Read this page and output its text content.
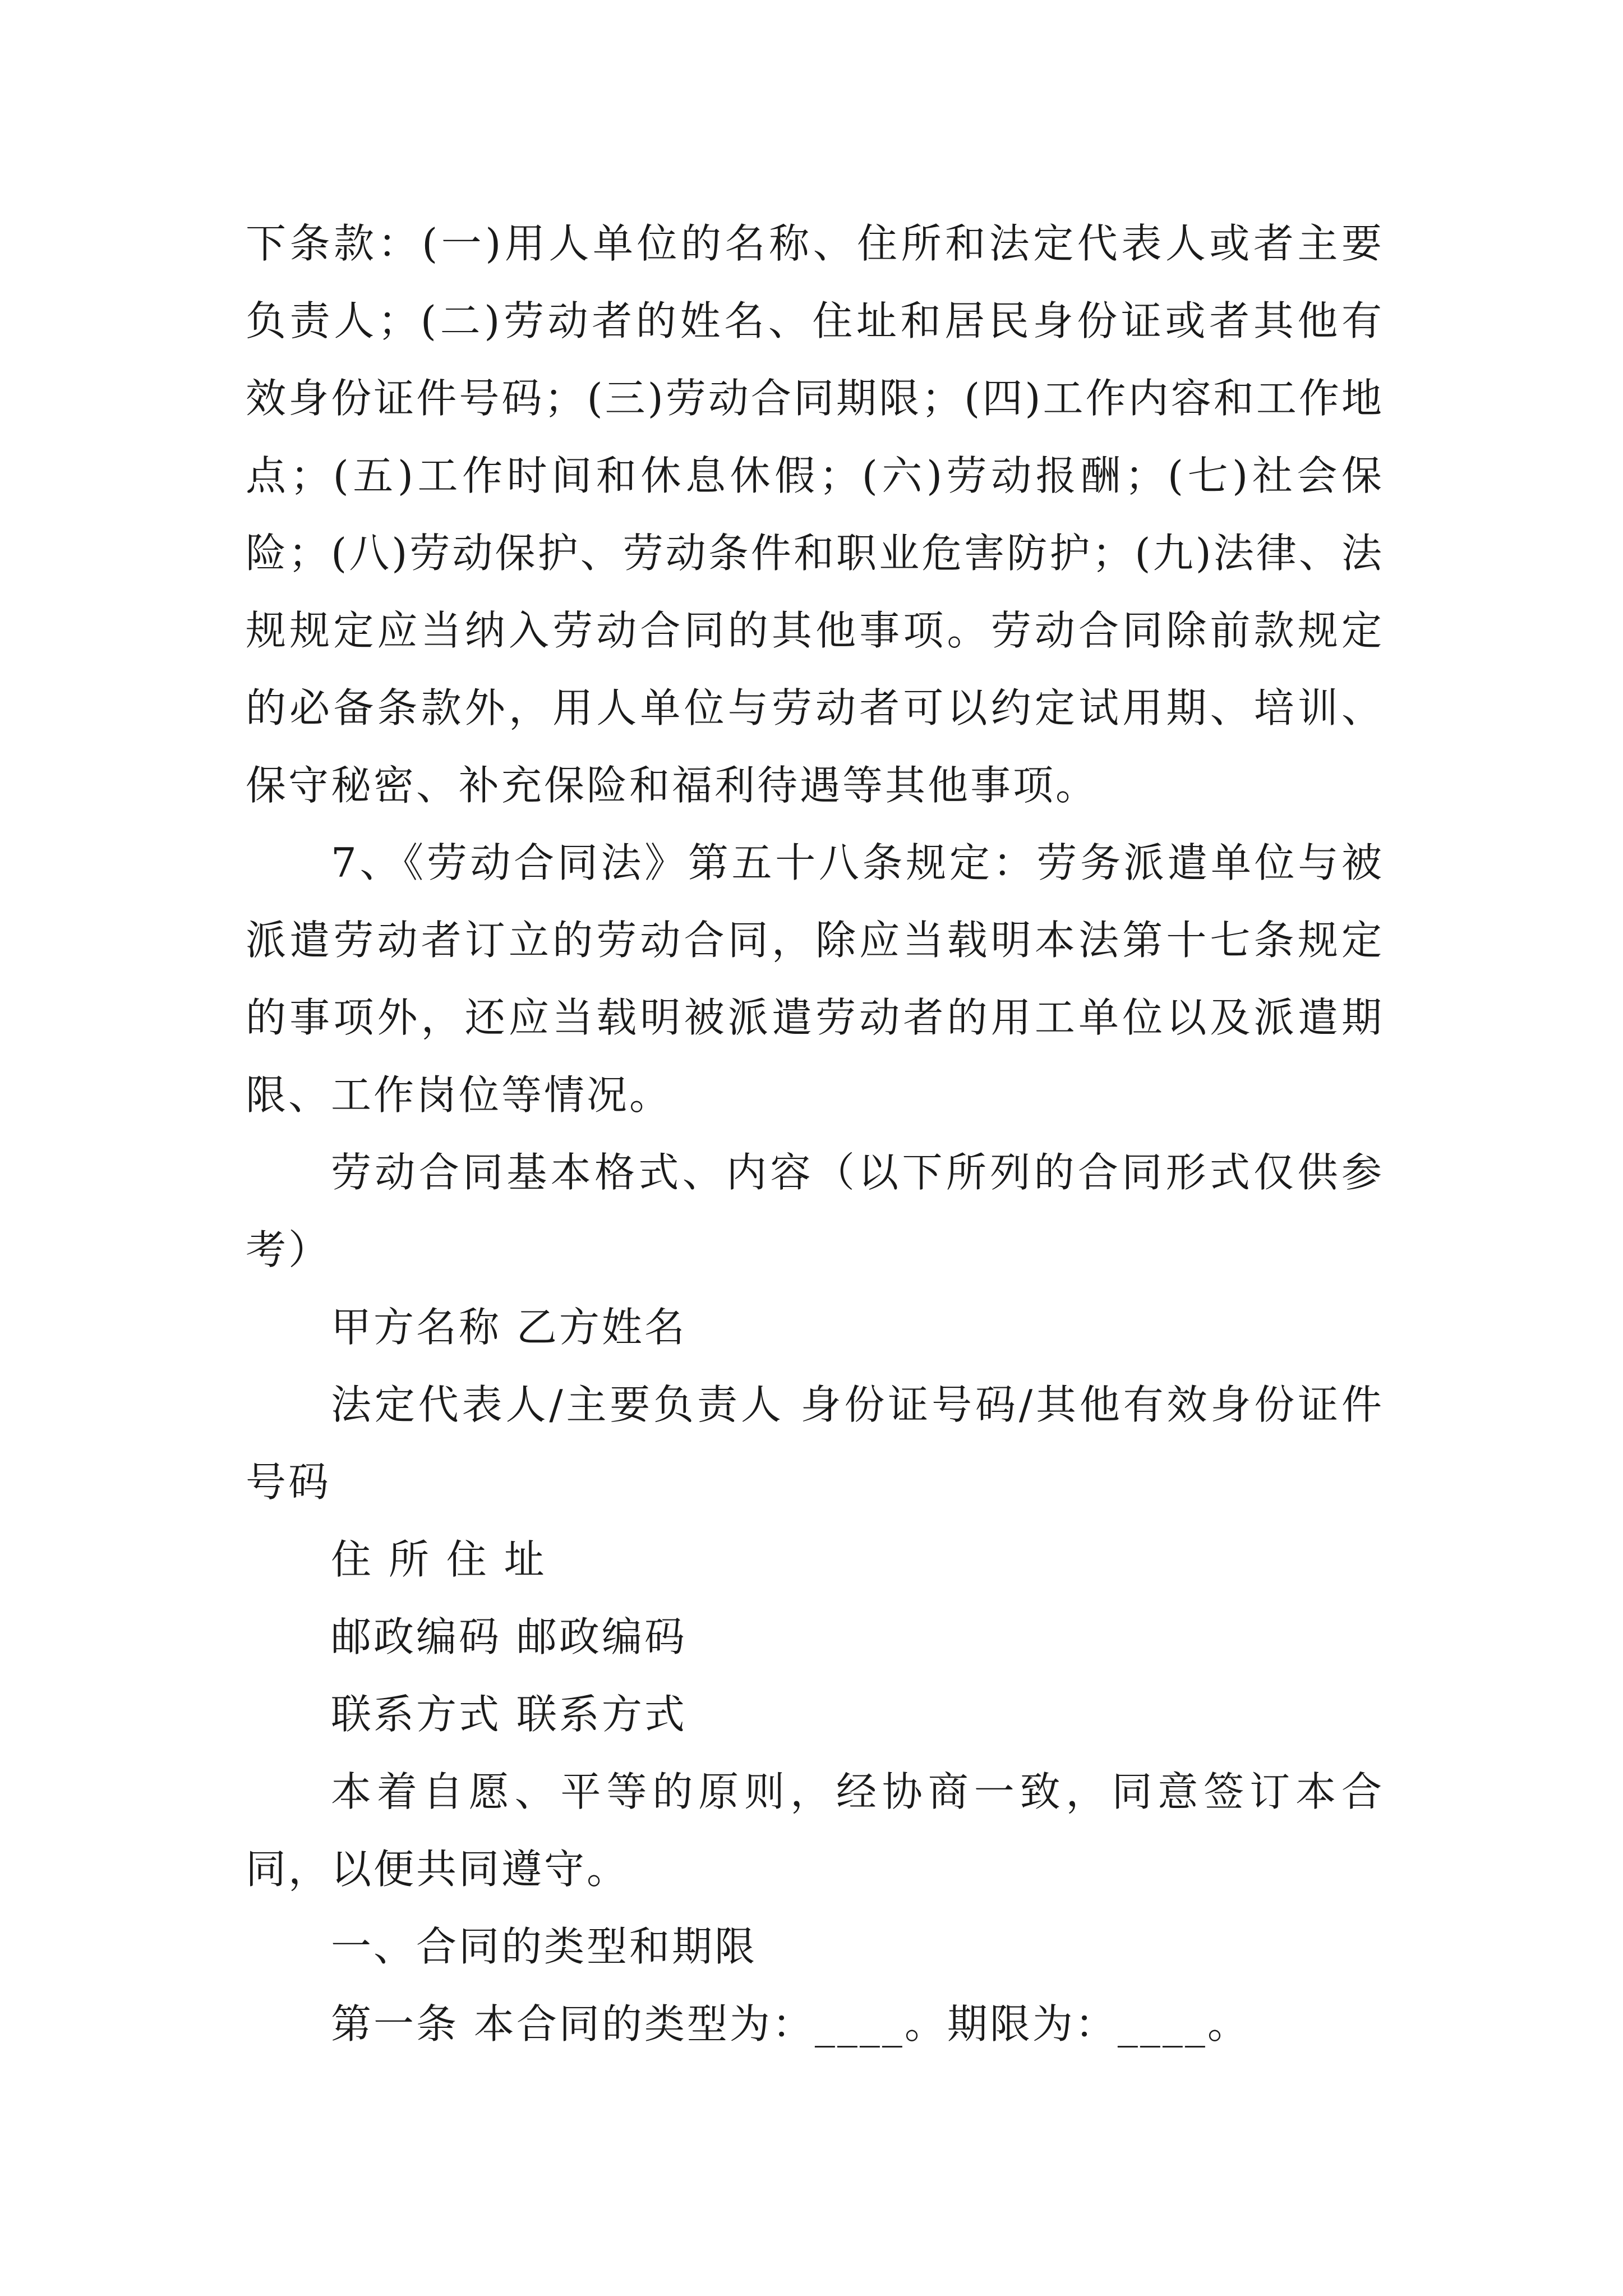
下条款：(一)用人单位的名称、住所和法定代表人或者主要负责人；(二)劳动者的姓名、住址和居民身份证或者其他有效身份证件号码；(三)劳动合同期限；(四)工作内容和工作地点；(五)工作时间和休息休假；(六)劳动报酬；(七)社会保险；(八)劳动保护、劳动条件和职业危害防护；(九)法律、法规规定应当纳入劳动合同的其他事项。劳动合同除前款规定的必备条款外，用人单位与劳动者可以约定试用期、培训、保守秘密、补充保险和福利待遇等其他事项。

7、《劳动合同法》第五十八条规定：劳务派遣单位与被派遣劳动者订立的劳动合同，除应当载明本法第十七条规定的事项外，还应当载明被派遣劳动者的用工单位以及派遣期限、工作岗位等情况。

劳动合同基本格式、内容（以下所列的合同形式仅供参考）

甲方名称 乙方姓名

法定代表人/主要负责人 身份证号码/其他有效身份证件号码

住 所 住 址

邮政编码 邮政编码

联系方式 联系方式

本着自愿、平等的原则，经协商一致，同意签订本合同，以便共同遵守。

一、合同的类型和期限

第一条 本合同的类型为：____。期限为：____。
